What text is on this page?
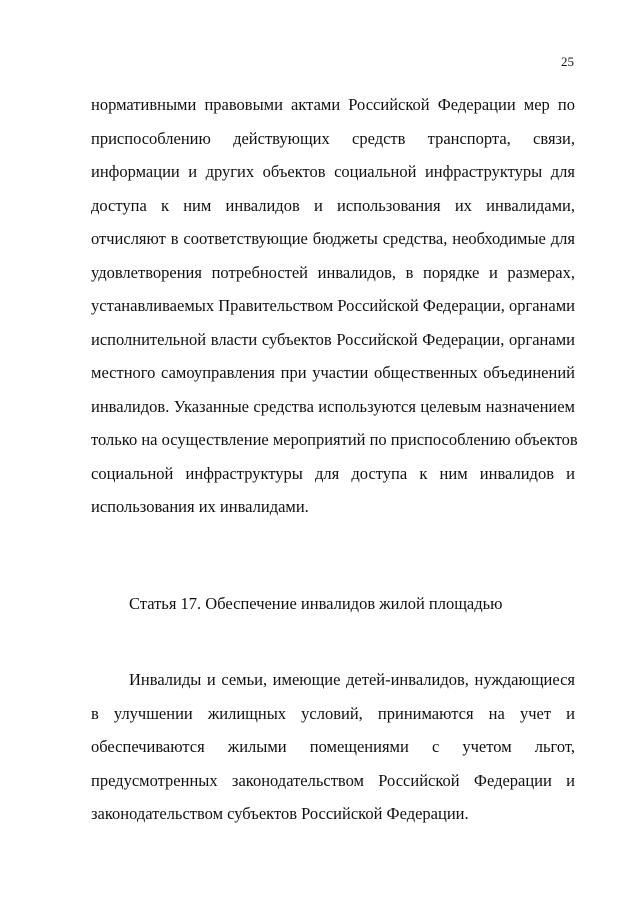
25

нормативными правовыми актами Российской Федерации мер по
приспособлению действующих средств транспорта, связи,
информации и других объектов социальной инфраструктуры для
доступа к ним инвалидов и использования их инвалидами,
отчисляют в соответствующие бюджеты средства, необходимые для
удовлетворения потребностей инвалидов, в порядке и размерах,
устанавливаемых Правительством Российской Федерации, органами
исполнительной власти субъектов Российской Федерации, органами
местного самоуправления при участии общественных объединений
инвалидов. Указанные средства используются целевым назначением
только на осуществление мероприятий по приспособлению объектов
социальной инфраструктуры для доступа к ним инвалидов и
использования их инвалидами.

Статья 17. Обеспечение инвалидов жилой площадью

Инвалиды и семьи, имеющие детей-инвалидов, нуждающиеся
в улучшении жилищных условий, принимаются на учет и
обеспечиваются жилыми помещениями с учетом льгот,
предусмотренных законодательством Российской Федерации и
законодательством субъектов Российской Федерации.
